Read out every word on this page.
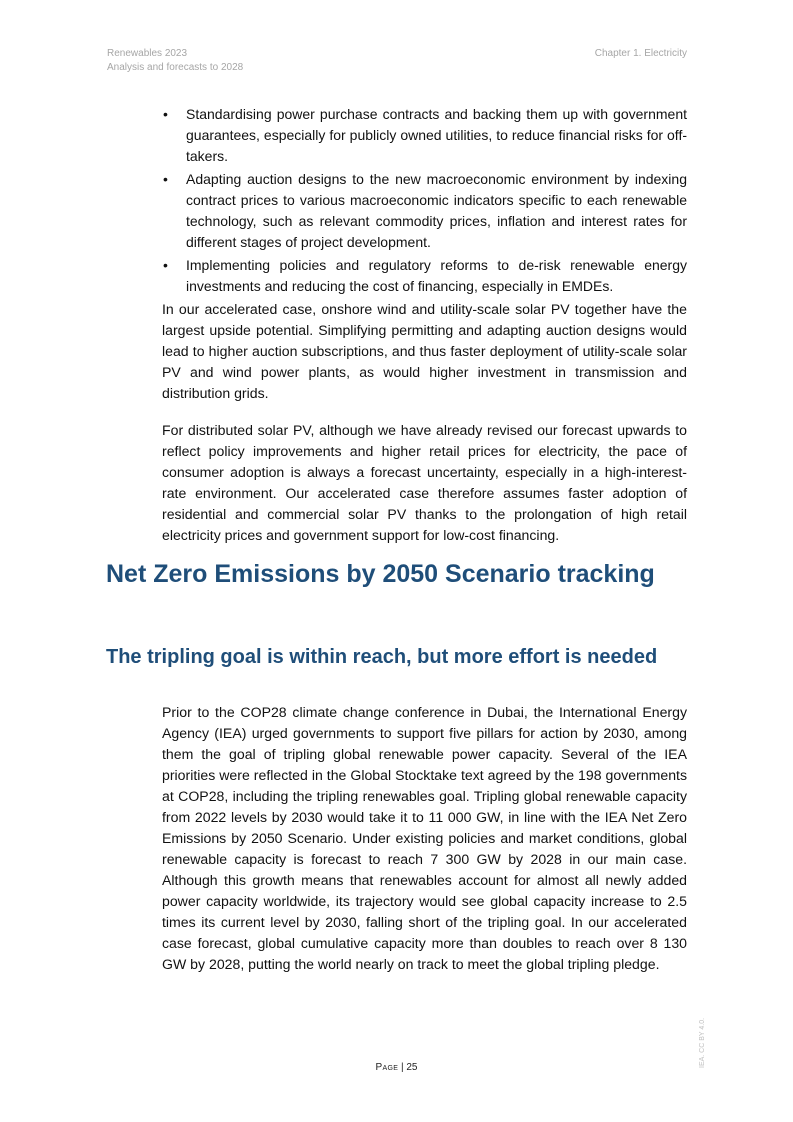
Renewables 2023
Analysis and forecasts to 2028
Chapter 1. Electricity
• Standardising power purchase contracts and backing them up with government guarantees, especially for publicly owned utilities, to reduce financial risks for off-takers.
• Adapting auction designs to the new macroeconomic environment by indexing contract prices to various macroeconomic indicators specific to each renewable technology, such as relevant commodity prices, inflation and interest rates for different stages of project development.
• Implementing policies and regulatory reforms to de-risk renewable energy investments and reducing the cost of financing, especially in EMDEs.

In our accelerated case, onshore wind and utility-scale solar PV together have the largest upside potential. Simplifying permitting and adapting auction designs would lead to higher auction subscriptions, and thus faster deployment of utility-scale solar PV and wind power plants, as would higher investment in transmission and distribution grids.

For distributed solar PV, although we have already revised our forecast upwards to reflect policy improvements and higher retail prices for electricity, the pace of consumer adoption is always a forecast uncertainty, especially in a high-interest-rate environment. Our accelerated case therefore assumes faster adoption of residential and commercial solar PV thanks to the prolongation of high retail electricity prices and government support for low-cost financing.

Net Zero Emissions by 2050 Scenario tracking
The tripling goal is within reach, but more effort is needed

Prior to the COP28 climate change conference in Dubai, the International Energy Agency (IEA) urged governments to support five pillars for action by 2030, among them the goal of tripling global renewable power capacity. Several of the IEA priorities were reflected in the Global Stocktake text agreed by the 198 governments at COP28, including the tripling renewables goal. Tripling global renewable capacity from 2022 levels by 2030 would take it to 11 000 GW, in line with the IEA Net Zero Emissions by 2050 Scenario. Under existing policies and market conditions, global renewable capacity is forecast to reach 7 300 GW by 2028 in our main case. Although this growth means that renewables account for almost all newly added power capacity worldwide, its trajectory would see global capacity increase to 2.5 times its current level by 2030, falling short of the tripling goal. In our accelerated case forecast, global cumulative capacity more than doubles to reach over 8 130 GW by 2028, putting the world nearly on track to meet the global tripling pledge.

Page | 25	IEA. CC BY 4.0.
